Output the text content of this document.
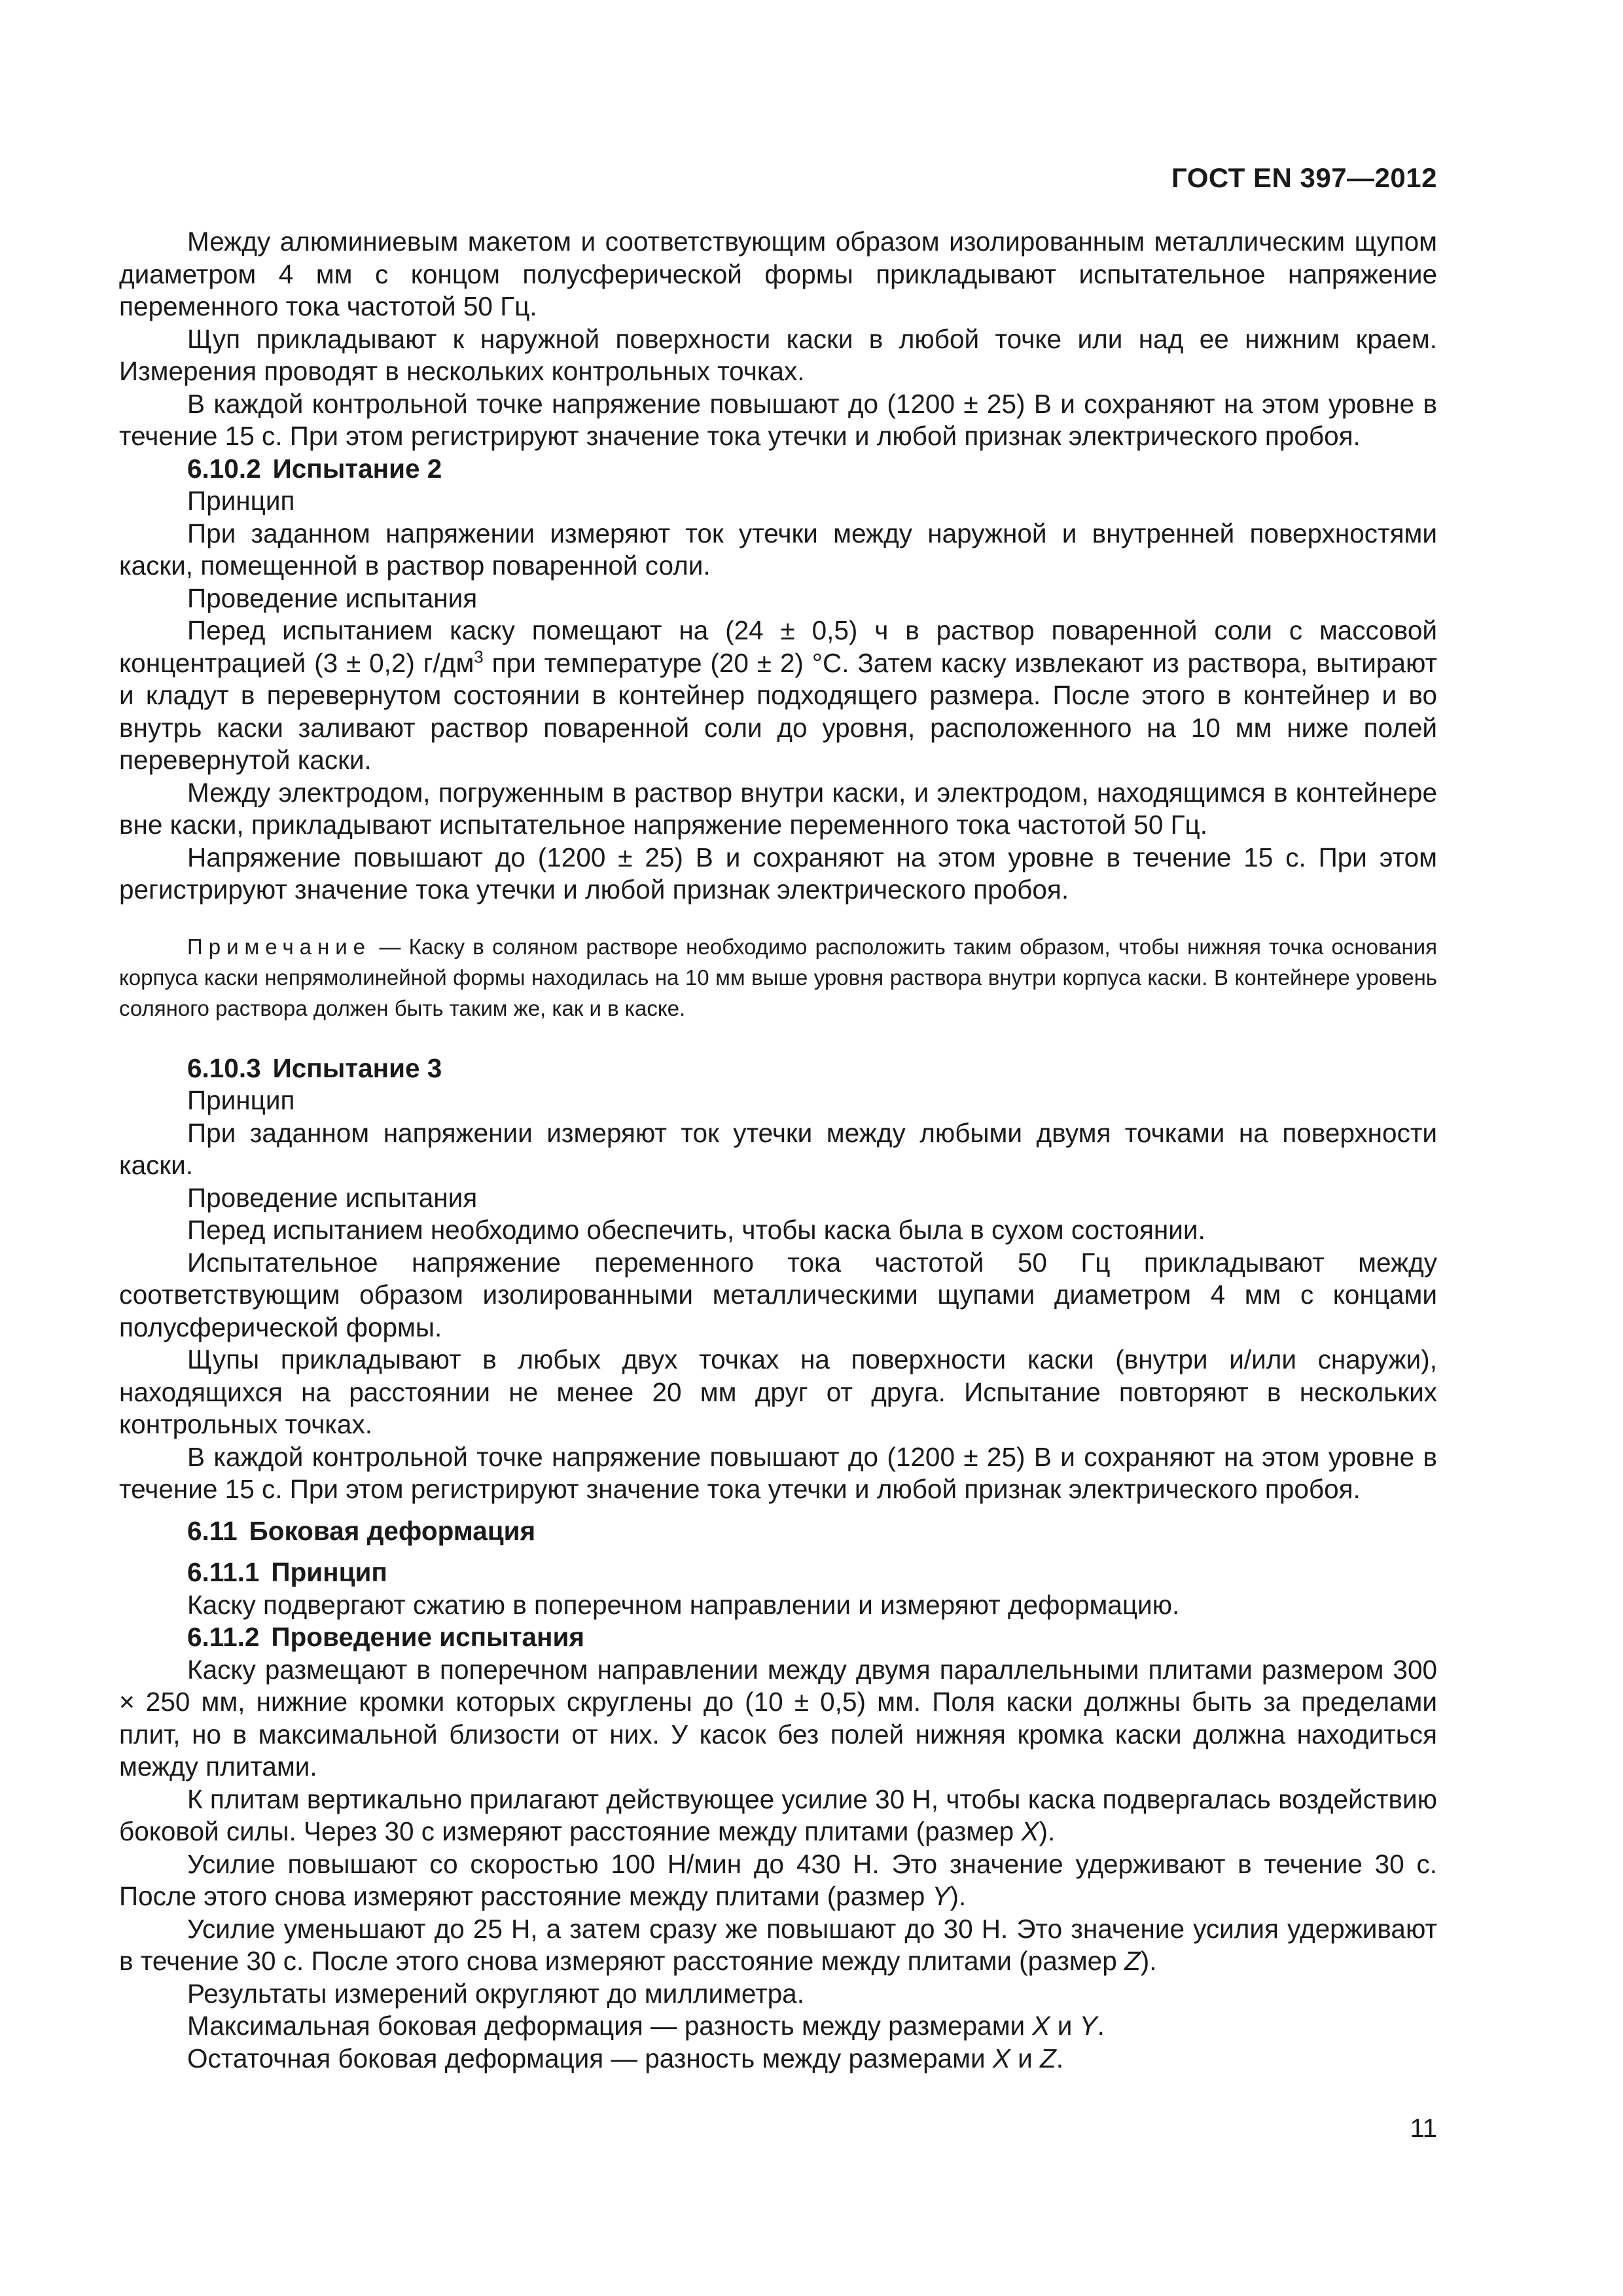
ГОСТ EN 397—2012

Между алюминиевым макетом и соответствующим образом изолированным металлическим щупом диаметром 4 мм с концом полусферической формы прикладывают испытательное напряжение переменного тока частотой 50 Гц.

Щуп прикладывают к наружной поверхности каски в любой точке или над ее нижним краем. Измерения проводят в нескольких контрольных точках.

В каждой контрольной точке напряжение повышают до (1200 ± 25) В и сохраняют на этом уровне в течение 15 с. При этом регистрируют значение тока утечки и любой признак электрического пробоя.

6.10.2 Испытание 2

Принцип

При заданном напряжении измеряют ток утечки между наружной и внутренней поверхностями каски, помещенной в раствор поваренной соли.

Проведение испытания

Перед испытанием каску помещают на (24 ± 0,5) ч в раствор поваренной соли с массовой концентрацией (3 ± 0,2) $г/дм^3$ при температуре (20 ± 2) °С. Затем каску извлекают из раствора, вытирают и кладут в перевернутом состоянии в контейнер подходящего размера. После этого в контейнер и во внутрь каски заливают раствор поваренной соли до уровня, расположенного на 10 мм ниже полей перевернутой каски.

Между электродом, погруженным в раствор внутри каски, и электродом, находящимся в контейнере вне каски, прикладывают испытательное напряжение переменного тока частотой 50 Гц.

Напряжение повышают до (1200 ± 25) В и сохраняют на этом уровне в течение 15 с. При этом регистрируют значение тока утечки и любой признак электрического пробоя.

Примечание — Каску в соляном растворе необходимо расположить таким образом, чтобы нижняя точка основания корпуса каски непрямолинейной формы находилась на 10 мм выше уровня раствора внутри корпуса каски. В контейнере уровень соляного раствора должен быть таким же, как и в каске.

6.10.3 Испытание 3

Принцип

При заданном напряжении измеряют ток утечки между любыми двумя точками на поверхности каски.

Проведение испытания

Перед испытанием необходимо обеспечить, чтобы каска была в сухом состоянии.

Испытательное напряжение переменного тока частотой 50 Гц прикладывают между соответствующим образом изолированными металлическими щупами диаметром 4 мм с концами полусферической формы.

Щупы прикладывают в любых двух точках на поверхности каски (внутри и/или снаружи), находящихся на расстоянии не менее 20 мм друг от друга. Испытание повторяют в нескольких контрольных точках.

В каждой контрольной точке напряжение повышают до (1200 ± 25) В и сохраняют на этом уровне в течение 15 с. При этом регистрируют значение тока утечки и любой признак электрического пробоя.

6.11 Боковая деформация

6.11.1 Принцип

Каску подвергают сжатию в поперечном направлении и измеряют деформацию.

6.11.2 Проведение испытания

Каску размещают в поперечном направлении между двумя параллельными плитами размером 300 × 250 мм, нижние кромки которых скруглены до (10 ± 0,5) мм. Поля каски должны быть за пределами плит, но в максимальной близости от них. У касок без полей нижняя кромка каски должна находиться между плитами.

К плитам вертикально прилагают действующее усилие 30 Н, чтобы каска подвергалась воздействию боковой силы. Через 30 с измеряют расстояние между плитами (размер X).

Усилие повышают со скоростью 100 Н/мин до 430 Н. Это значение удерживают в течение 30 с. После этого снова измеряют расстояние между плитами (размер Y).

Усилие уменьшают до 25 Н, а затем сразу же повышают до 30 Н. Это значение усилия удерживают в течение 30 с. После этого снова измеряют расстояние между плитами (размер Z).

Результаты измерений округляют до миллиметра.

Максимальная боковая деформация — разность между размерами X и Y.

Остаточная боковая деформация — разность между размерами X и Z.

11
